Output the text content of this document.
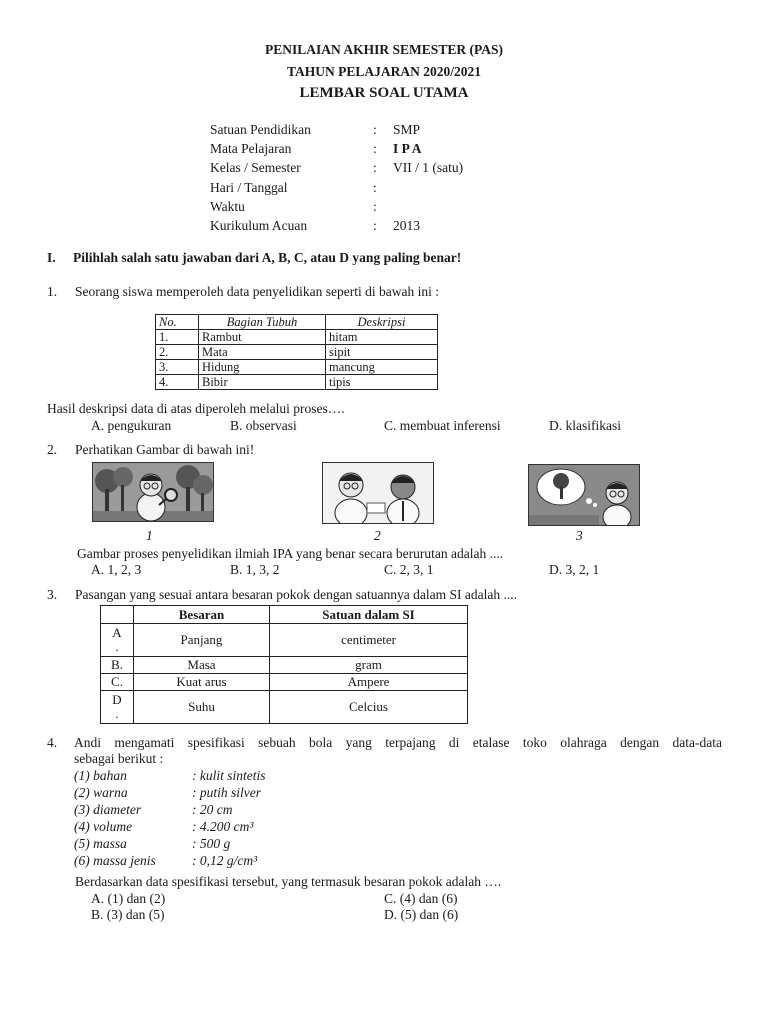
PENILAIAN AKHIR SEMESTER (PAS)
TAHUN PELAJARAN 2020/2021
LEMBAR SOAL UTAMA
Satuan Pendidikan	: SMP
Mata Pelajaran	: I P A
Kelas / Semester	: VII / 1 (satu)
Hari / Tanggal	:
Waktu	:
Kurikulum Acuan	: 2013
I. Pilihlah salah satu jawaban dari A, B, C, atau D yang paling benar!
1. Seorang siswa memperoleh data penyelidikan seperti di bawah ini :
No.	Bagian Tubuh	Deskripsi
1.	Rambut	hitam
2.	Mata	sipit
3.	Hidung	mancung
4.	Bibir	tipis
Hasil deskripsi data di atas diperoleh melalui proses….
A. pengukuran	B. observasi	C. membuat inferensi	D. klasifikasi
2. Perhatikan Gambar di bawah ini!
1	2	3
Gambar proses penyelidikan ilmiah IPA yang benar secara berurutan adalah ....
A. 1, 2, 3	B. 1, 3, 2	C. 2, 3, 1	D. 3, 2, 1
3. Pasangan yang sesuai antara besaran pokok dengan satuannya dalam SI adalah ....
	Besaran	Satuan dalam SI
A
.	Panjang	centimeter
B.	Masa	gram
C.	Kuat arus	Ampere
D
.	Suhu	Celcius
4. Andi mengamati spesifikasi sebuah bola yang terpajang di etalase toko olahraga dengan data-data
sebagai berikut :
(1) bahan	: kulit sintetis
(2) warna	: putih silver
(3) diameter	: 20 cm
(4) volume	: 4.200 cm³
(5) massa	: 500 g
(6) massa jenis	: 0,12 g/cm³
Berdasarkan data spesifikasi tersebut, yang termasuk besaran pokok adalah ….
A. (1) dan (2)	C. (4) dan (6)
B. (3) dan (5)	D. (5) dan (6)
